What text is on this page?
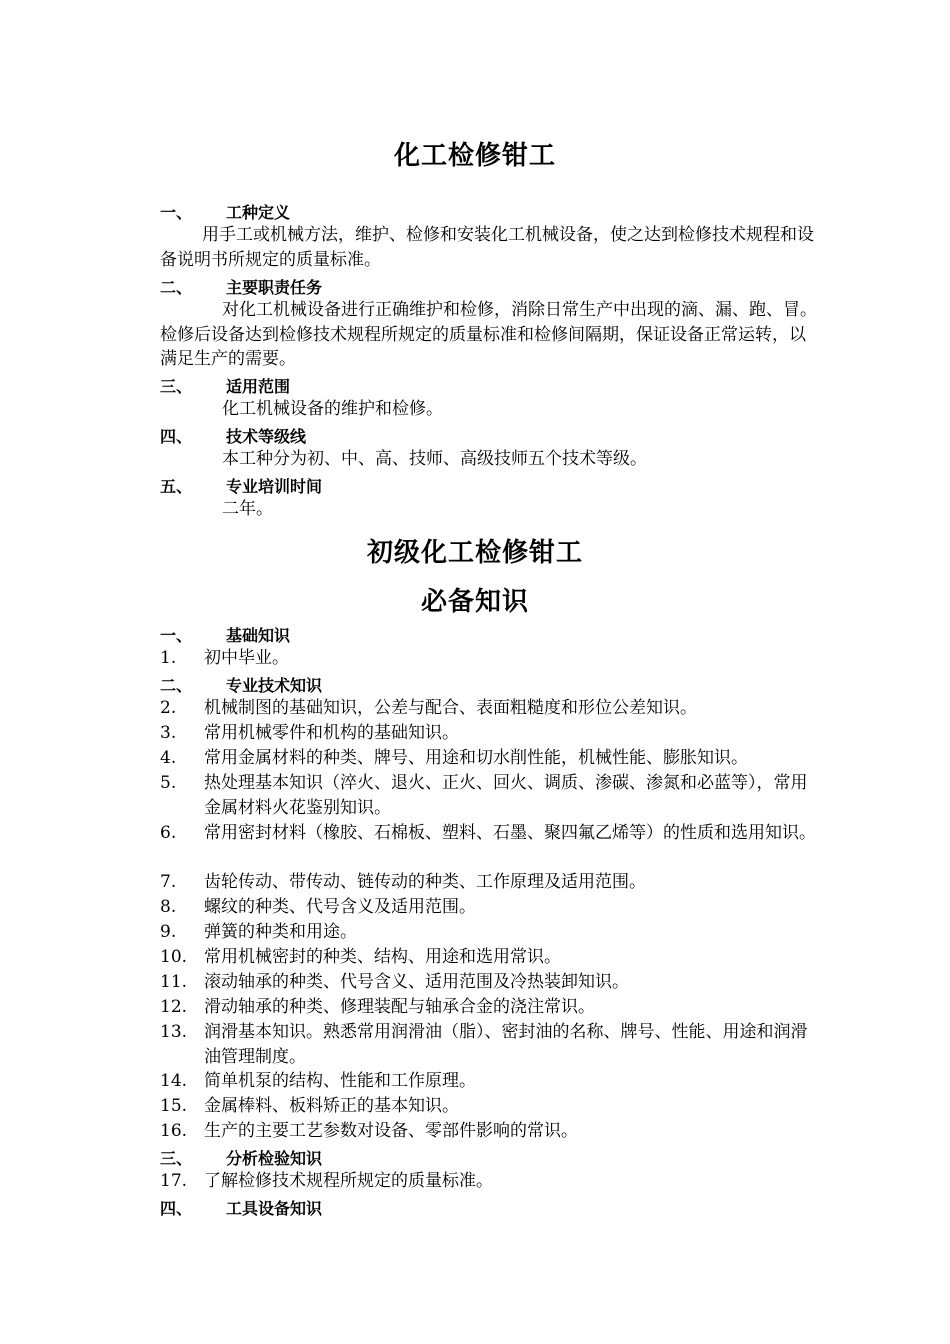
化工检修钳工
一、 工种定义
用手工或机械方法，维护、检修和安装化工机械设备，使之达到检修技术规程和设备说明书所规定的质量标准。
二、 主要职责任务
对化工机械设备进行正确维护和检修，消除日常生产中出现的滴、漏、跑、冒。检修后设备达到检修技术规程所规定的质量标准和检修间隔期，保证设备正常运转，以满足生产的需要。
三、 适用范围
化工机械设备的维护和检修。
四、 技术等级线
本工种分为初、中、高、技师、高级技师五个技术等级。
五、 专业培训时间
二年。
初级化工检修钳工
必备知识
一、 基础知识
1.	初中毕业。
二、 专业技术知识
2.	机械制图的基础知识，公差与配合、表面粗糙度和形位公差知识。
3.	常用机械零件和机构的基础知识。
4.	常用金属材料的种类、牌号、用途和切水削性能，机械性能、膨胀知识。
5.	热处理基本知识（淬火、退火、正火、回火、调质、渗碳、渗氮和必蓝等），常用金属材料火花鉴别知识。
6.	常用密封材料（橡胶、石棉板、塑料、石墨、聚四氟乙烯等）的性质和选用知识。
7.	齿轮传动、带传动、链传动的种类、工作原理及适用范围。
8.	螺纹的种类、代号含义及适用范围。
9.	弹簧的种类和用途。
10. 常用机械密封的种类、结构、用途和选用常识。
11. 滚动轴承的种类、代号含义、适用范围及冷热装卸知识。
12. 滑动轴承的种类、修理装配与轴承合金的浇注常识。
13. 润滑基本知识。熟悉常用润滑油（脂）、密封油的名称、牌号、性能、用途和润滑油管理制度。
14. 简单机泵的结构、性能和工作原理。
15. 金属棒料、板料矫正的基本知识。
16. 生产的主要工艺参数对设备、零部件影响的常识。
三、 分析检验知识
17. 了解检修技术规程所规定的质量标准。
四、 工具设备知识
